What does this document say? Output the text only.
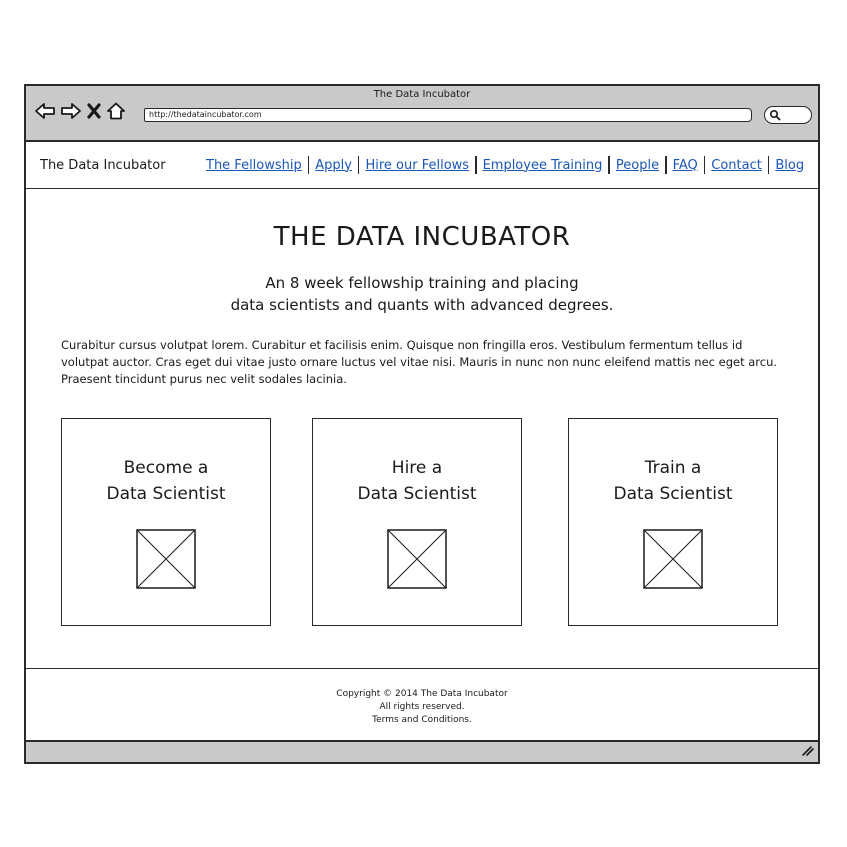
The Data Incubator
http://thedataincubator.com
The Data Incubator	The Fellowship Apply Hire our Fellows Employee Training People FAQ Contact Blog
THE DATA INCUBATOR
An 8 week fellowship training and placing
data scientists and quants with advanced degrees.
Curabitur cursus volutpat lorem. Curabitur et facilisis enim. Quisque non fringilla eros. Vestibulum fermentum tellus id volutpat auctor. Cras eget dui vitae justo ornare luctus vel vitae nisi. Mauris in nunc non nunc eleifend mattis nec eget arcu. Praesent tincidunt purus nec velit sodales lacinia.
Become a
Data Scientist
Hire a
Data Scientist
Train a
Data Scientist
Copyright © 2014 The Data Incubator
All rights reserved.
Terms and Conditions.
